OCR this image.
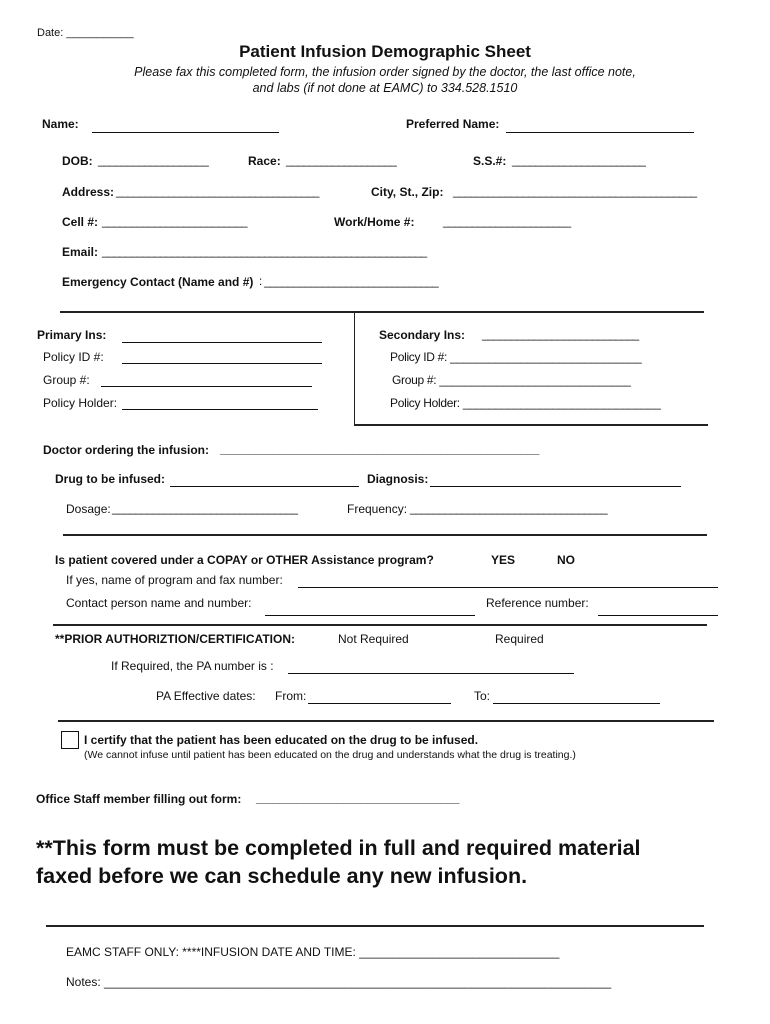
Date: ___________
Patient Infusion Demographic Sheet
Please fax this completed form, the infusion order signed by the doctor, the last office note,
and labs (if not done at EAMC) to 334.528.1510
Name:	Preferred Name:
DOB: ___________________	Race: ___________________	S.S.#: _______________________
Address: ___________________________________	City, St., Zip: __________________________________________
Cell #: _________________________	Work/Home #: ______________________
Email: ________________________________________________________
Emergency Contact (Name and #) : ______________________________
Primary Ins:
Policy ID #:
Group #:
Policy Holder:
Secondary Ins: ___________________________
Policy ID #: ______________________________
Group #: ______________________________
Policy Holder: _______________________________
Doctor ordering the infusion: _______________________________________________________
Drug to be infused:	Diagnosis:
Dosage: ________________________________	Frequency: __________________________________
Is patient covered under a COPAY or OTHER Assistance program?	YES	NO
If yes, name of program and fax number:
Contact person name and number:	Reference number:
**PRIOR AUTHORIZTION/CERTIFICATION:	Not Required	Required
If Required, the PA number is :
PA Effective dates: From:	To:
I certify that the patient has been educated on the drug to be infused.
(We cannot infuse until patient has been educated on the drug and understands what the drug is treating.)
Office Staff member filling out form: ___________________________________
**This form must be completed in full and required material
faxed before we can schedule any new infusion.
EAMC STAFF ONLY: ****INFUSION DATE AND TIME: ______________________________
Notes: ____________________________________________________________________________
